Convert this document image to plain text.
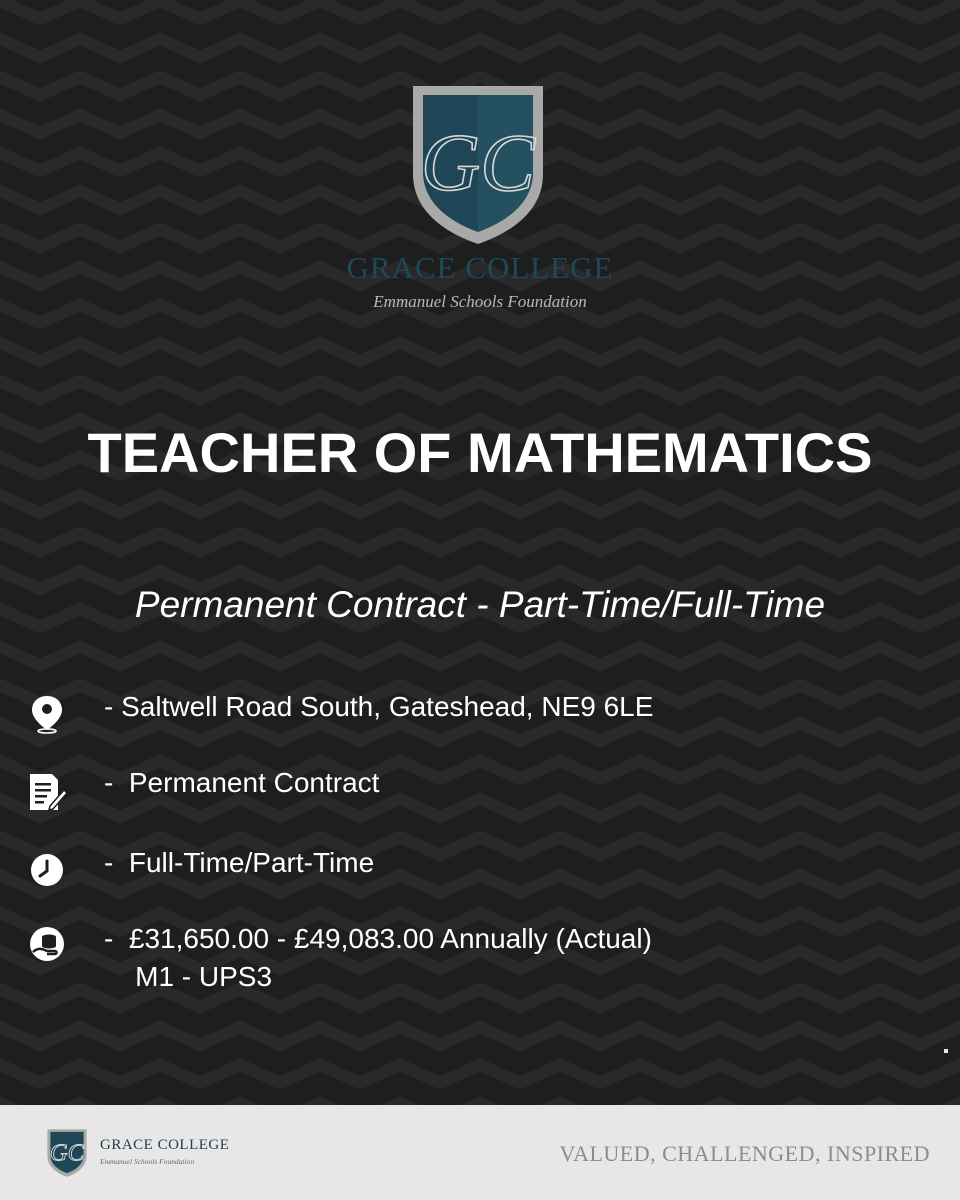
GC
GRACE COLLEGE
Emmanuel Schools Foundation
TEACHER OF MATHEMATICS
Permanent Contract - Part-Time/Full-Time
- Saltwell Road South, Gateshead, NE9 6LE
-  Permanent Contract
-  Full-Time/Part-Time
-  £31,650.00 - £49,083.00 Annually (Actual)
M1 - UPS3
GC GRACE COLLEGE
Emmanuel Schools Foundation	VALUED, CHALLENGED, INSPIRED
